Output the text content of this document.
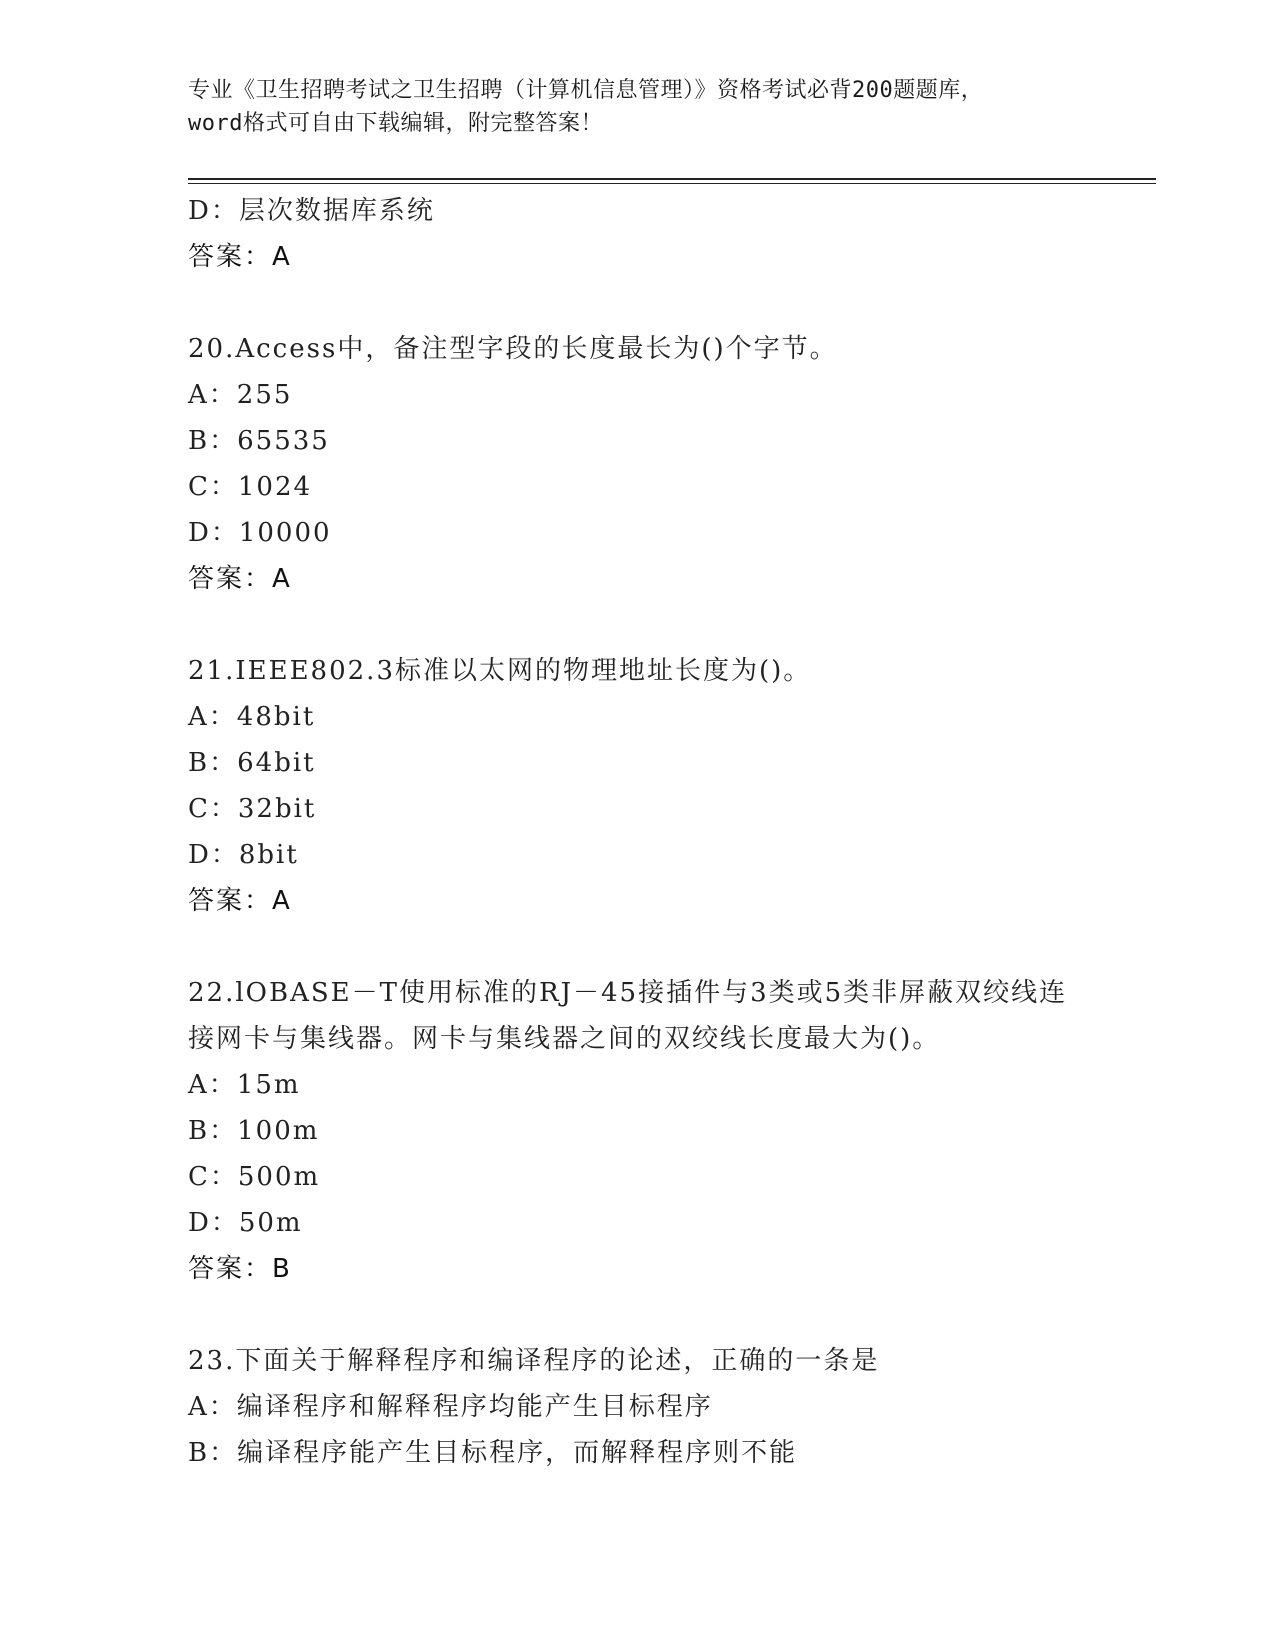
专业《卫生招聘考试之卫生招聘（计算机信息管理）》资格考试必背200题题库，
word格式可自由下载编辑，附完整答案！
D：层次数据库系统
答案：A
20.Access中，备注型字段的长度最长为()个字节。
A：255
B：65535
C：1024
D：10000
答案：A
21.IEEE802.3标准以太网的物理地址长度为()。
A：48bit
B：64bit
C：32bit
D：8bit
答案：A
22.lOBASE－T使用标准的RJ－45接插件与3类或5类非屏蔽双绞线连
接网卡与集线器。网卡与集线器之间的双绞线长度最大为()。
A：15m
B：100m
C：500m
D：50m
答案：B
23.下面关于解释程序和编译程序的论述，正确的一条是
A：编译程序和解释程序均能产生目标程序
B：编译程序能产生目标程序，而解释程序则不能
